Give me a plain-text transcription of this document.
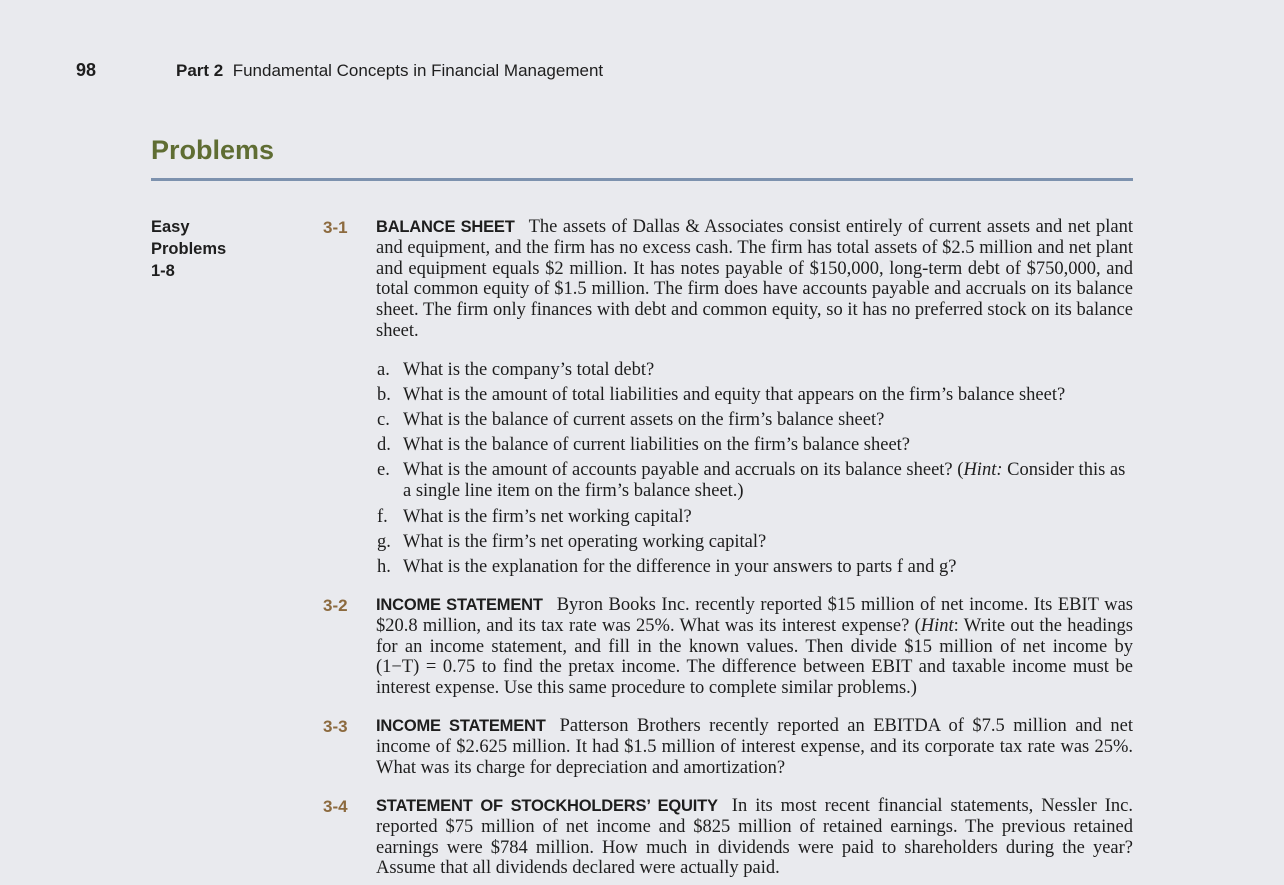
98	Part 2 Fundamental Concepts in Financial Management
Problems
Easy
Problems
1-8
3-1 BALANCE SHEET The assets of Dallas & Associates consist entirely of current assets and net plant and equipment, and the firm has no excess cash. The firm has total assets of $2.5 million and net plant and equipment equals $2 million. It has notes payable of $150,000, long-term debt of $750,000, and total common equity of $1.5 million. The firm does have accounts payable and accruals on its balance sheet. The firm only finances with debt and common equity, so it has no preferred stock on its balance sheet.
a. What is the company’s total debt?
b. What is the amount of total liabilities and equity that appears on the firm’s balance sheet?
c. What is the balance of current assets on the firm’s balance sheet?
d. What is the balance of current liabilities on the firm’s balance sheet?
e. What is the amount of accounts payable and accruals on its balance sheet? (Hint: Consider this as a single line item on the firm’s balance sheet.)
f. What is the firm’s net working capital?
g. What is the firm’s net operating working capital?
h. What is the explanation for the difference in your answers to parts f and g?
3-2 INCOME STATEMENT Byron Books Inc. recently reported $15 million of net income. Its EBIT was $20.8 million, and its tax rate was 25%. What was its interest expense? (Hint: Write out the headings for an income statement, and fill in the known values. Then divide $15 million of net income by (1−T) = 0.75 to find the pretax income. The difference between EBIT and taxable income must be interest expense. Use this same procedure to complete similar problems.)
3-3 INCOME STATEMENT Patterson Brothers recently reported an EBITDA of $7.5 million and net income of $2.625 million. It had $1.5 million of interest expense, and its corporate tax rate was 25%. What was its charge for depreciation and amortization?
3-4 STATEMENT OF STOCKHOLDERS’ EQUITY In its most recent financial statements, Nessler Inc. reported $75 million of net income and $825 million of retained earnings. The previous retained earnings were $784 million. How much in dividends were paid to shareholders during the year? Assume that all dividends declared were actually paid.
